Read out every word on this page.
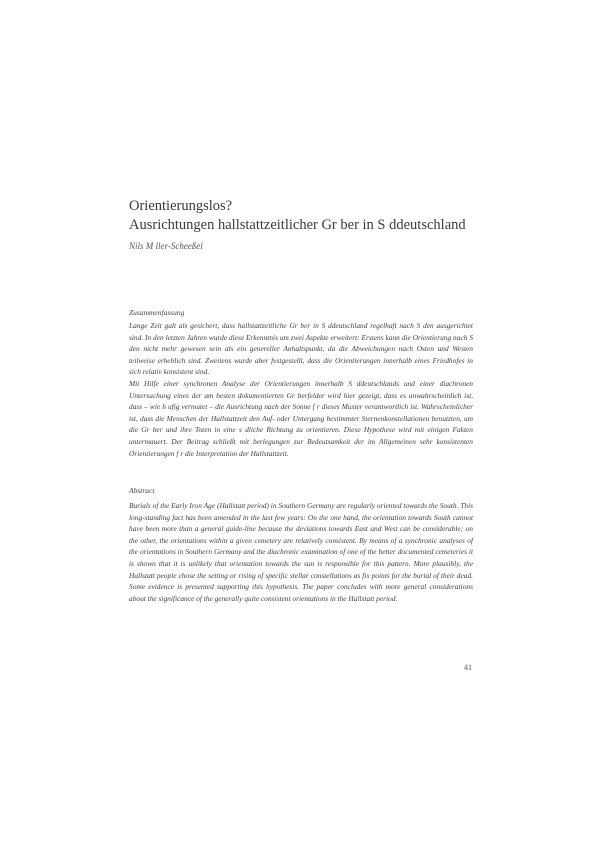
Orientierungslos?
Ausrichtungen hallstattzeitlicher Gr ber in S ddeutschland
Nils M ller-Scheeßel
Zusammenfassung

Lange Zeit galt als gesichert, dass hallstattzeitliche Gr ber in S ddeutschland regelhaft nach S den ausgerichtet sind. In den letzten Jahren wurde diese Erkenntnis um zwei Aspekte erweitert: Erstens kann die Orientierung nach S den nicht mehr gewesen sein als ein genereller Anhaltspunkt, da die Abweichungen nach Osten und Westen teilweise erheblich sind. Zweitens wurde aber festgestellt, dass die Orientierungen innerhalb eines Friedhofes in sich relativ konsistent sind.

Mit Hilfe einer synchronen Analyse der Orientierungen innerhalb S ddeutschlands und einer diachronen Untersuchung eines der am besten dokumentierten Gr berfelder wird hier gezeigt, dass es unwahrscheinlich ist, dass – wie h ufig vermutet – die Ausrichtung nach der Sonne f r dieses Muster verantwortlich ist. Wahrscheinlicher ist, dass die Menschen der Hallstattzeit den Auf- oder Untergang bestimmter Sternenkonstellationen benutzten, um die Gr ber und ihre Toten in eine s dliche Richtung zu orientieren. Diese Hypothese wird mit einigen Fakten untermauert. Der Beitrag schließt mit berlegungen zur Bedeutsamkeit der im Allgemeinen sehr konsistenten Orientierungen f r die Interpretation der Hallstattzeit.

Abstract

Burials of the Early Iron Age (Hallstatt period) in Southern Germany are regularly oriented towards the South. This long-standing fact has been amended in the last few years: On the one hand, the orientation towards South cannot have been more than a general guide-line because the deviations towards East and West can be considerable; on the other, the orientations within a given cemetery are relatively consistent. By means of a synchronic analyses of the orientations in Southern Germany and the diachronic examination of one of the better documented cemeteries it is shown that it is unlikely that orientation towards the sun is responsible for this pattern. More plausibly, the Hallstatt people chose the setting or rising of specific stellar constellations as fix points for the burial of their dead. Some evidence is presented supporting this hypothesis. The paper concludes with more general considerations about the significance of the generally quite consistent orientations in the Hallstatt period.

41
